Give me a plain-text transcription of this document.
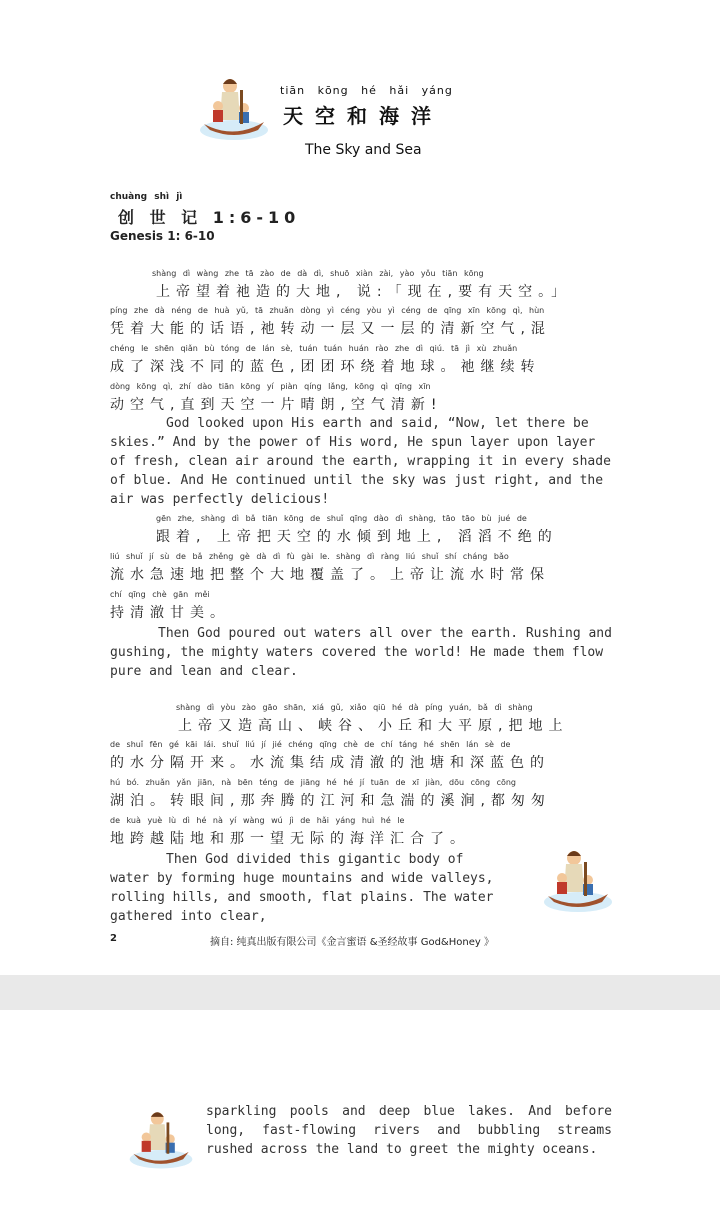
tiān kōng hé hǎi yáng
天空和海洋
The Sky and Sea
chuàng shì jì
创 世 记 1:6-10
Genesis 1: 6-10
shàng dì wàng zhe tā zào de dà dì, shuō xiàn zài, yào yǒu tiān kōng
上帝望着祂造的大地, 说:「现在,要有天空。」
píng zhe dà néng de huà yǔ, tā zhuǎn dòng yì céng yòu yì céng de qīng xīn kōng qì, hùn
凭着大能的话语,祂转动一层又一层的清新空气,混
chéng le shēn qiǎn bù tóng de lán sè, tuán tuán huán rào zhe dì qiú. tā jì xù zhuǎn
成了深浅不同的蓝色,团团环绕着地球。祂继续转
dòng kōng qì, zhí dào tiān kōng yí piàn qíng lǎng, kōng qì qīng xīn
动空气,直到天空一片晴朗,空气清新!
God looked upon His earth and said, “Now, let there be skies.” And by the power of His word, He spun layer upon layer of fresh, clean air around the earth, wrapping it in every shade of blue. And He continued until the sky was just right, and the air was perfectly delicious!
gēn zhe, shàng dì bǎ tiān kōng de shuǐ qīng dào dì shàng, tāo tāo bù jué de
跟着, 上帝把天空的水倾到地上, 滔滔不绝的
liú shuǐ jí sù de bǎ zhěng gè dà dì fù gài le. shàng dì ràng liú shuǐ shí cháng bǎo
流水急速地把整个大地覆盖了。上帝让流水时常保
chí qīng chè gān měi
持清澈甘美。
Then God poured out waters all over the earth. Rushing and gushing, the mighty waters covered the world! He made them flow pure and lean and clear.
shàng dì yòu zào gāo shān, xiá gǔ, xiǎo qiū hé dà píng yuán, bǎ dì shàng
上帝又造高山、峡谷、小丘和大平原,把地上
de shuǐ fēn gé kāi lái. shuǐ liú jí jié chéng qīng chè de chí táng hé shēn lán sè de
的水分隔开来。水流集结成清澈的池塘和深蓝色的
hú bó. zhuǎn yǎn jiān, nà bēn téng de jiāng hé hé jí tuān de xī jiàn, dōu cōng cōng
湖泊。转眼间,那奔腾的江河和急湍的溪涧,都匆匆
de kuà yuè lù dì hé nà yí wàng wú jì de hǎi yáng huì hé le
地跨越陆地和那一望无际的海洋汇合了。
Then God divided this gigantic body of water by forming huge mountains and wide valleys, rolling hills, and smooth, flat plains. The water gathered into clear,
2	摘自: 纯真出版有限公司《金言蜜语 &圣经故事 God&Honey 》
sparkling pools and deep blue lakes. And before long, fast-flowing rivers and bubbling streams rushed across the land to greet the mighty oceans.
